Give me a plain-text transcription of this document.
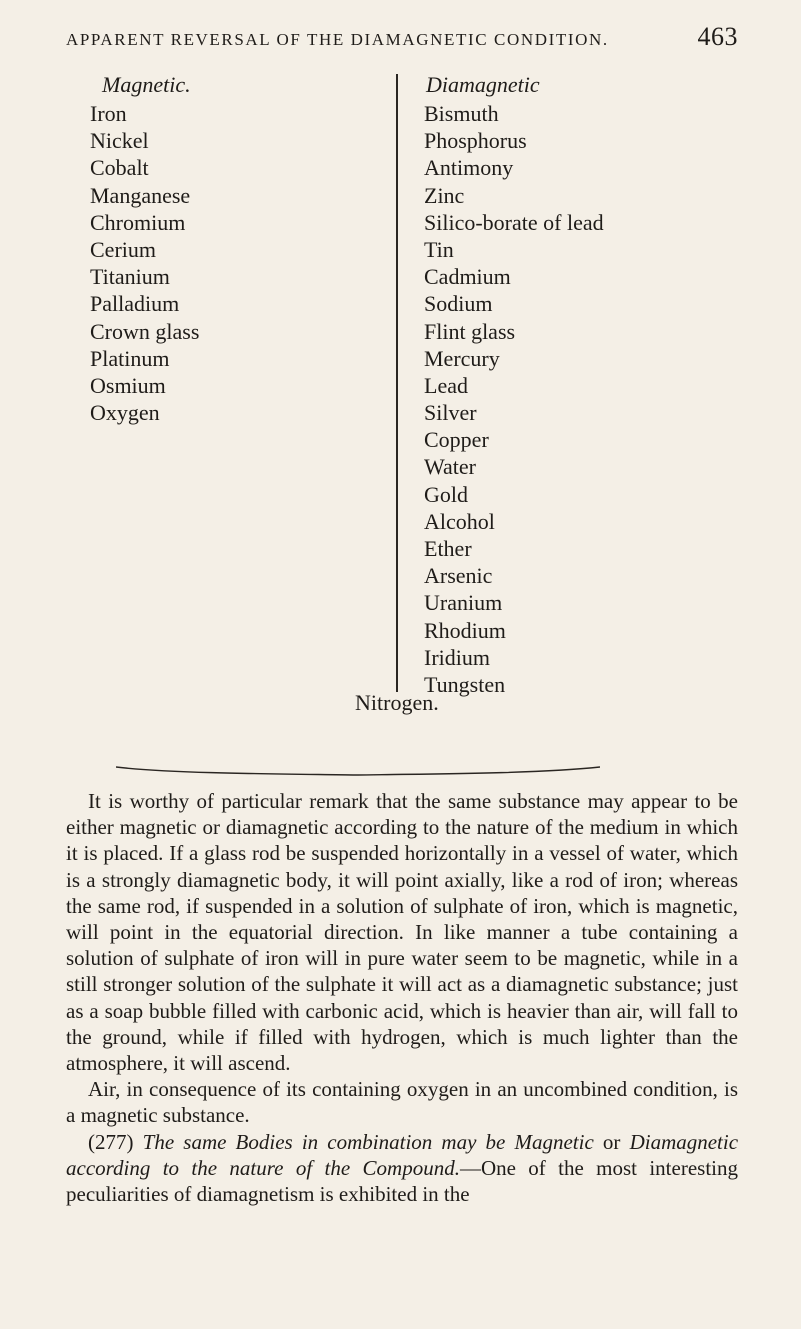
APPARENT REVERSAL OF THE DIAMAGNETIC CONDITION.	463
Magnetic.
Iron
Nickel
Cobalt
Manganese
Chromium
Cerium
Titanium
Palladium
Crown glass
Platinum
Osmium
Oxygen
Diamagnetic
Bismuth
Phosphorus
Antimony
Zinc
Silico-borate of lead
Tin
Cadmium
Sodium
Flint glass
Mercury
Lead
Silver
Copper
Water
Gold
Alcohol
Ether
Arsenic
Uranium
Rhodium
Iridium
Tungsten
Nitrogen.

It is worthy of particular remark that the same substance may appear to be either magnetic or diamagnetic according to the nature of the medium in which it is placed. If a glass rod be suspended horizontally in a vessel of water, which is a strongly diamagnetic body, it will point axially, like a rod of iron; whereas the same rod, if suspended in a solution of sulphate of iron, which is magnetic, will point in the equatorial direction. In like manner a tube containing a solution of sulphate of iron will in pure water seem to be magnetic, while in a still stronger solution of the sulphate it will act as a diamagnetic substance; just as a soap bubble filled with carbonic acid, which is heavier than air, will fall to the ground, while if filled with hydrogen, which is much lighter than the atmosphere, it will ascend.

Air, in consequence of its containing oxygen in an uncombined condition, is a magnetic substance.

(277) The same Bodies in combination may be Magnetic or Diamagnetic according to the nature of the Compound.—One of the most interesting peculiarities of diamagnetism is exhibited in the
